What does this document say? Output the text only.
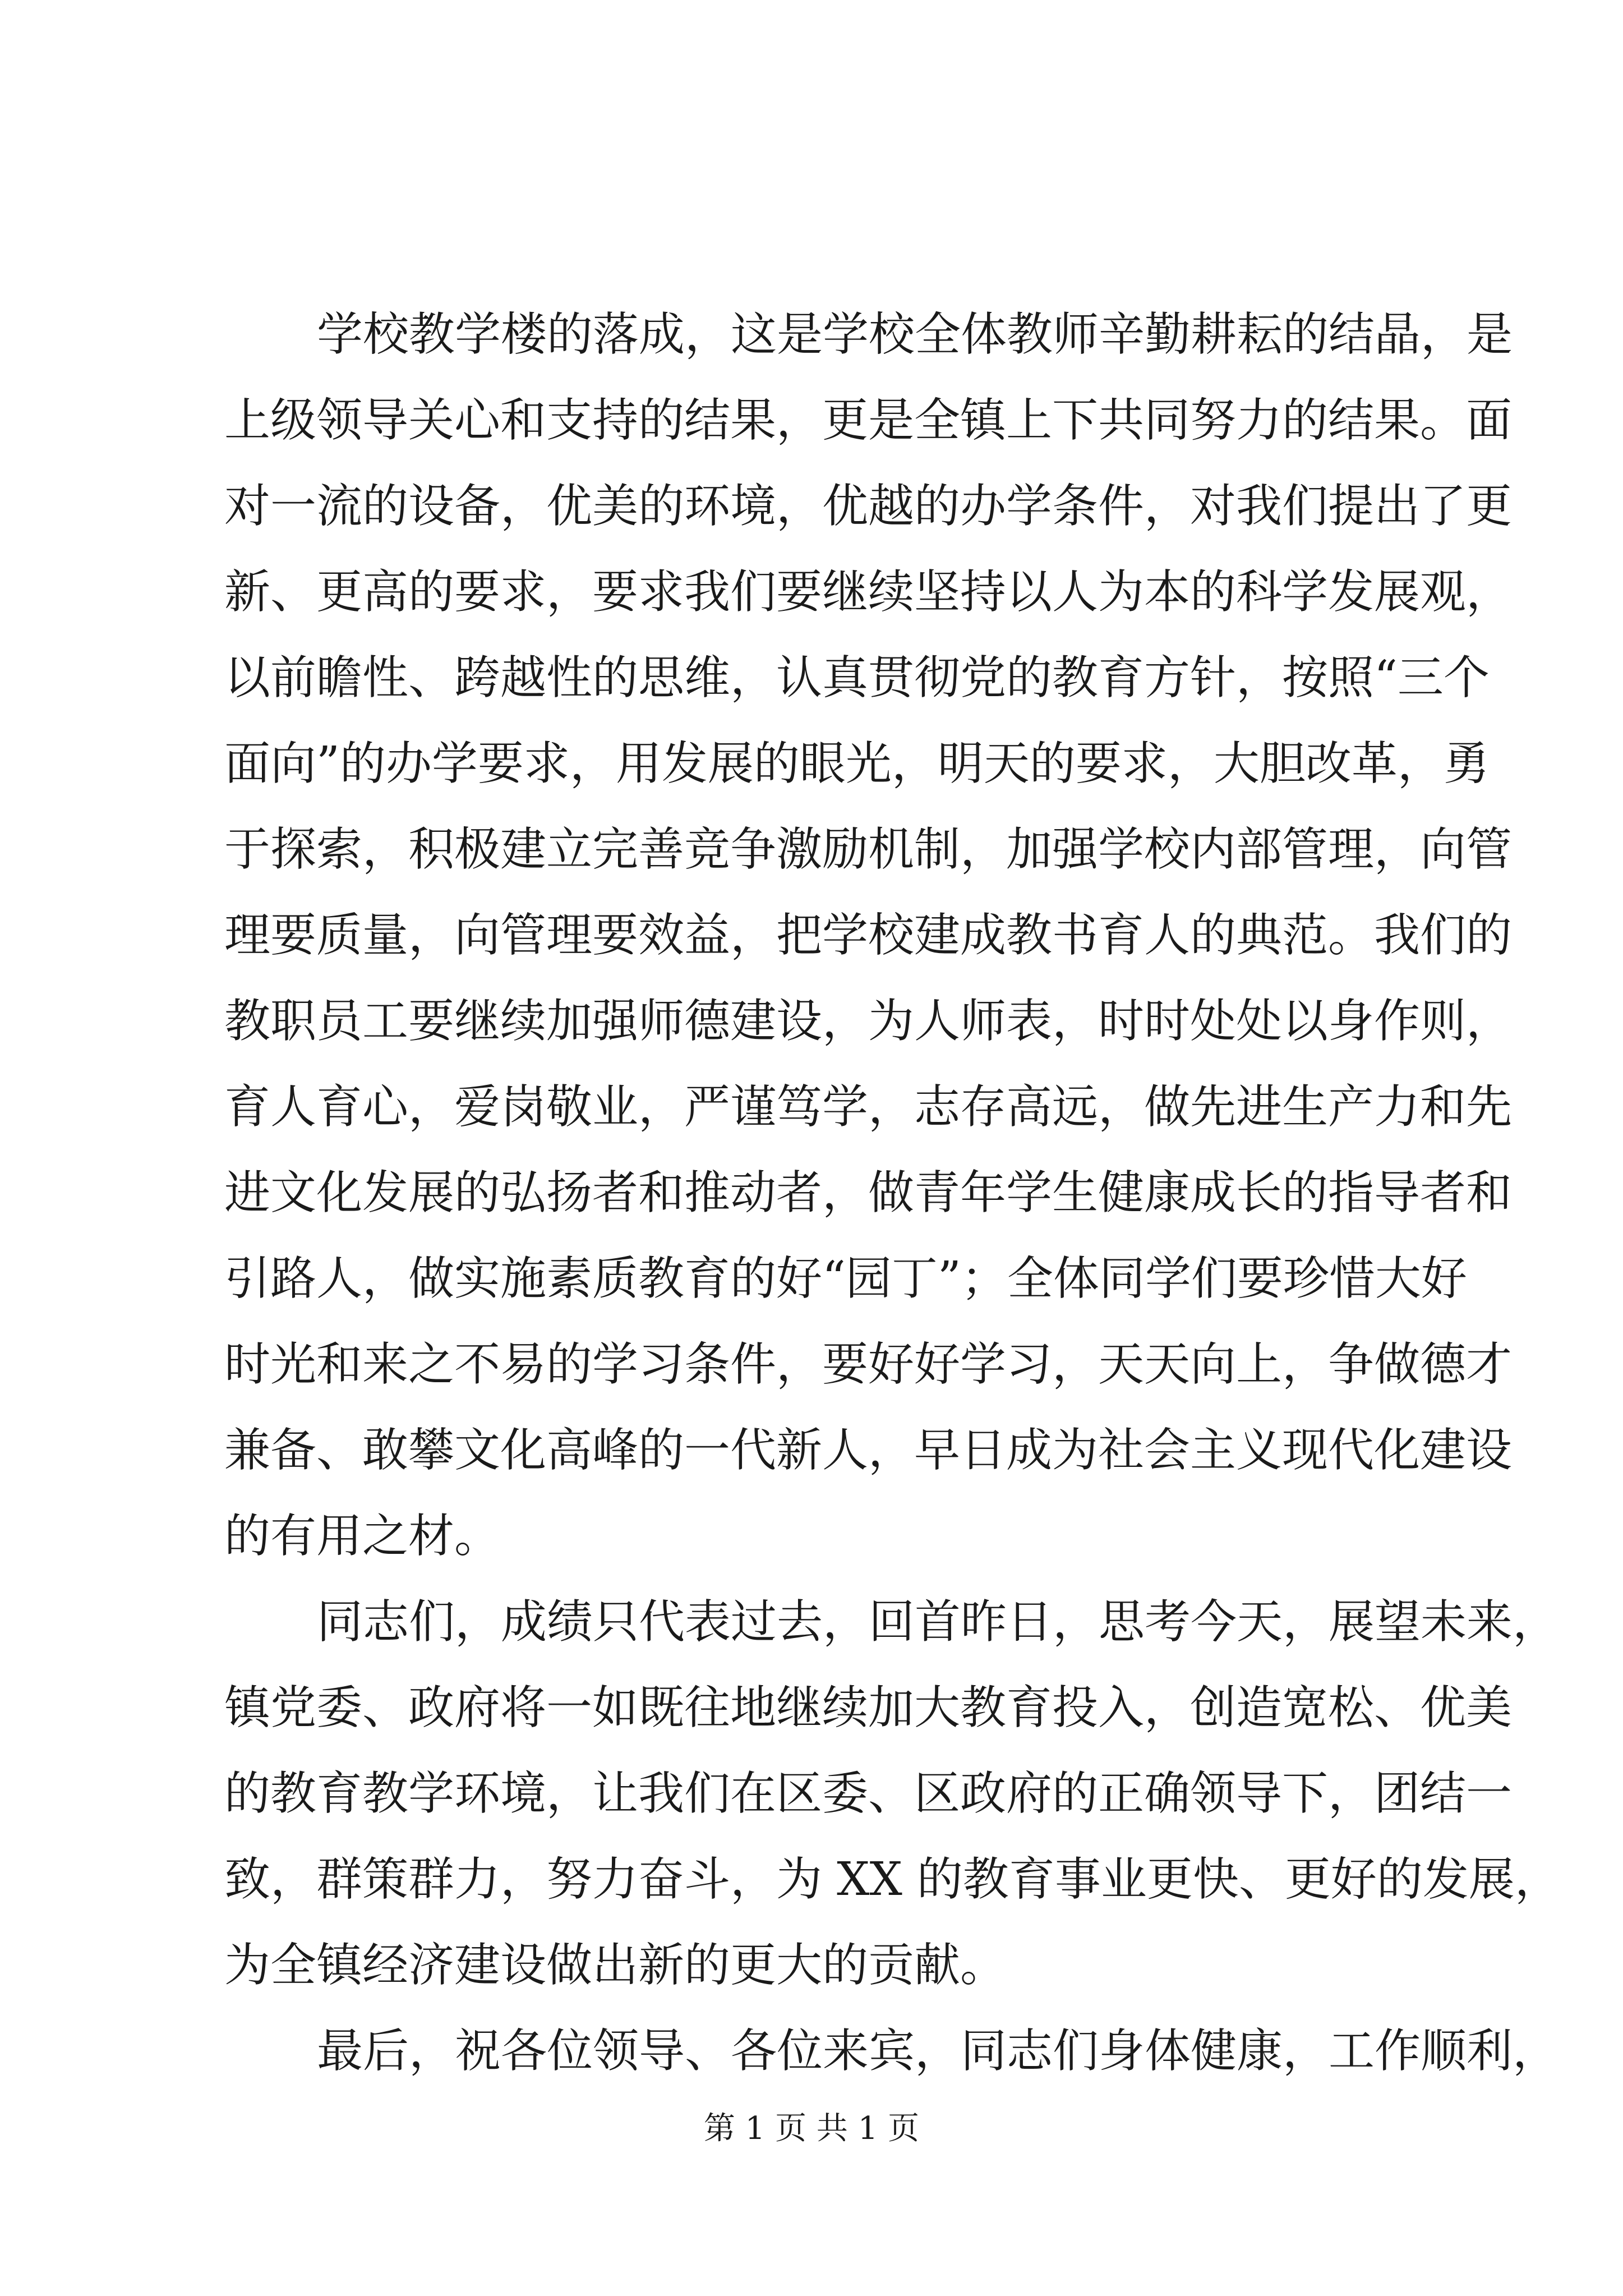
学校教学楼的落成，这是学校全体教师辛勤耕耘的结晶，是
上级领导关心和支持的结果，更是全镇上下共同努力的结果。面
对一流的设备，优美的环境，优越的办学条件，对我们提出了更
新、更高的要求，要求我们要继续坚持以人为本的科学发展观，
以前瞻性、跨越性的思维，认真贯彻党的教育方针，按照“三个
面向”的办学要求，用发展的眼光，明天的要求，大胆改革，勇
于探索，积极建立完善竞争激励机制，加强学校内部管理，向管
理要质量，向管理要效益，把学校建成教书育人的典范。我们的
教职员工要继续加强师德建设，为人师表，时时处处以身作则，
育人育心，爱岗敬业，严谨笃学，志存高远，做先进生产力和先
进文化发展的弘扬者和推动者，做青年学生健康成长的指导者和
引路人，做实施素质教育的好“园丁”；全体同学们要珍惜大好
时光和来之不易的学习条件，要好好学习，天天向上，争做德才
兼备、敢攀文化高峰的一代新人，早日成为社会主义现代化建设
的有用之材。
同志们，成绩只代表过去，回首昨日，思考今天，展望未来，
镇党委、政府将一如既往地继续加大教育投入，创造宽松、优美
的教育教学环境，让我们在区委、区政府的正确领导下，团结一
致，群策群力，努力奋斗，为 XX 的教育事业更快、更好的发展，
为全镇经济建设做出新的更大的贡献。
最后，祝各位领导、各位来宾，同志们身体健康，工作顺利，
第 1 页 共 1 页
